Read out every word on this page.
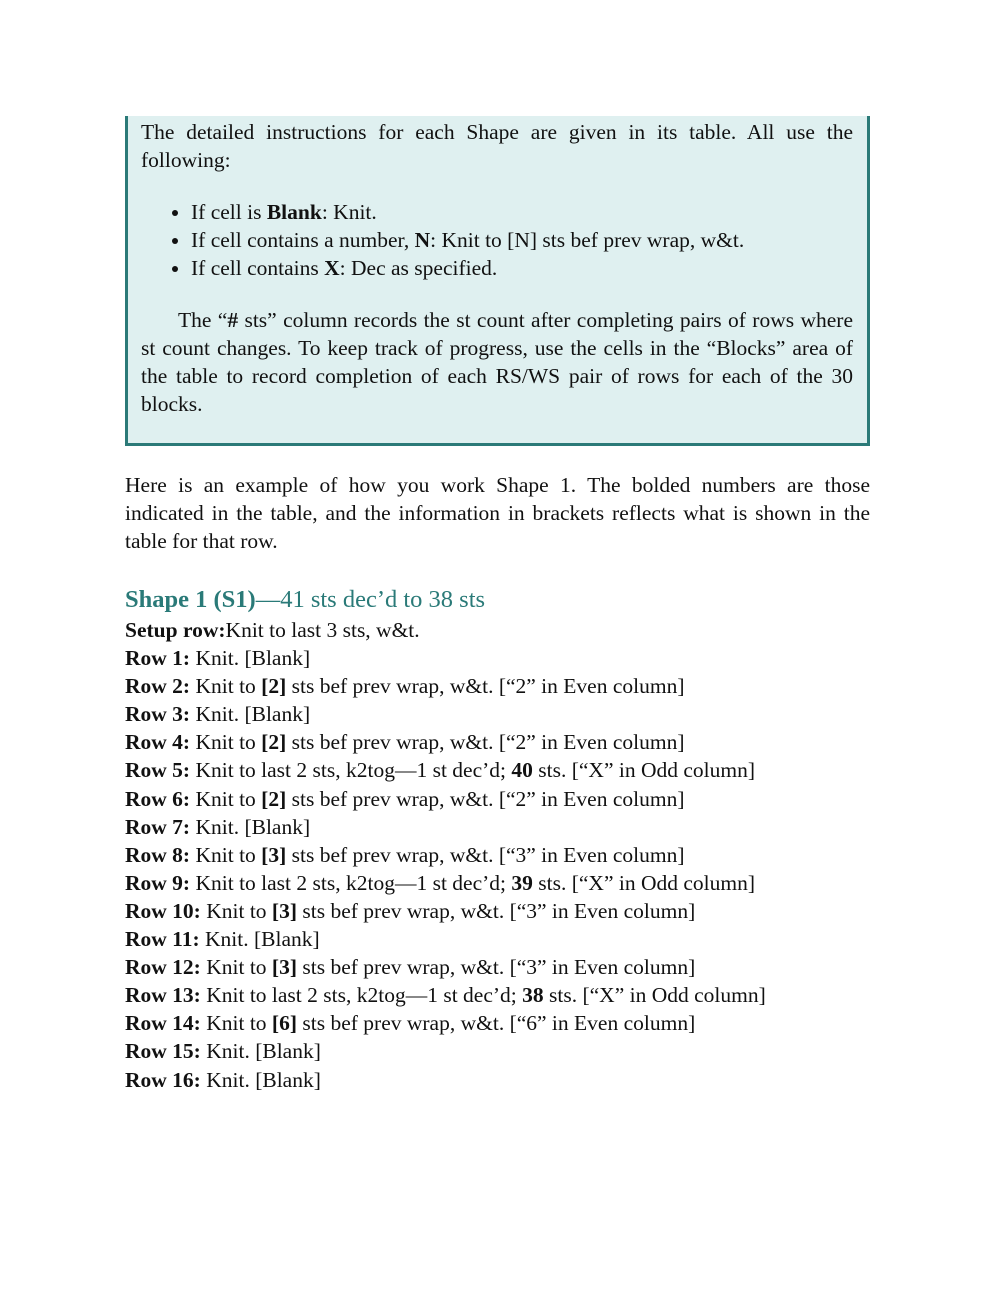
The detailed instructions for each Shape are given in its table. All use the following:

• If cell is Blank: Knit.
• If cell contains a number, N: Knit to [N] sts bef prev wrap, w&t.
• If cell contains X: Dec as specified.

The “# sts” column records the st count after completing pairs of rows where st count changes. To keep track of progress, use the cells in the “Blocks” area of the table to record completion of each RS/WS pair of rows for each of the 30 blocks.

Here is an example of how you work Shape 1. The bolded numbers are those indicated in the table, and the information in brackets reflects what is shown in the table for that row.

Shape 1 (S1)—41 sts dec’d to 38 sts
Setup row:Knit to last 3 sts, w&t.
Row 1: Knit. [Blank]
Row 2: Knit to [2] sts bef prev wrap, w&t. [“2” in Even column]
Row 3: Knit. [Blank]
Row 4: Knit to [2] sts bef prev wrap, w&t. [“2” in Even column]
Row 5: Knit to last 2 sts, k2tog—1 st dec’d; 40 sts. [“X” in Odd column]
Row 6: Knit to [2] sts bef prev wrap, w&t. [“2” in Even column]
Row 7: Knit. [Blank]
Row 8: Knit to [3] sts bef prev wrap, w&t. [“3” in Even column]
Row 9: Knit to last 2 sts, k2tog—1 st dec’d; 39 sts. [“X” in Odd column]
Row 10: Knit to [3] sts bef prev wrap, w&t. [“3” in Even column]
Row 11: Knit. [Blank]
Row 12: Knit to [3] sts bef prev wrap, w&t. [“3” in Even column]
Row 13: Knit to last 2 sts, k2tog—1 st dec’d; 38 sts. [“X” in Odd column]
Row 14: Knit to [6] sts bef prev wrap, w&t. [“6” in Even column]
Row 15: Knit. [Blank]
Row 16: Knit. [Blank]
